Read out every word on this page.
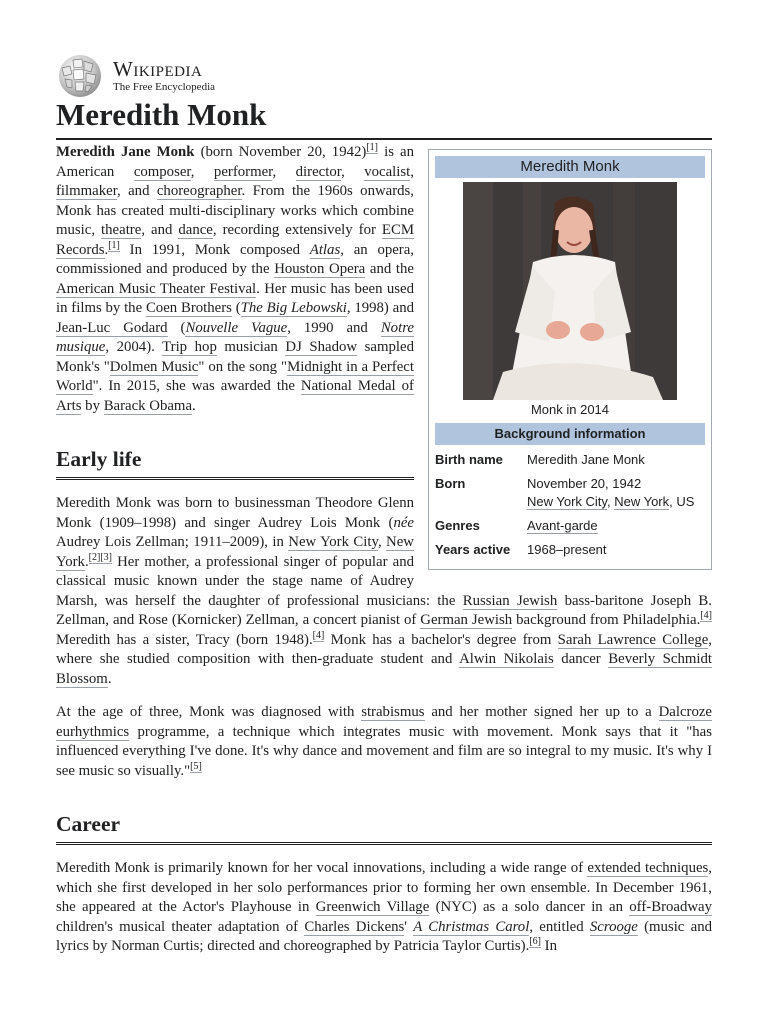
Wikipedia
The Free Encyclopedia
Meredith Monk
Meredith Monk
Monk in 2014
Background information
Birth name	Meredith Jane Monk
Born	November 20, 1942
New York City, New York, US
Genres	Avant-garde
Years active	1968–present

Meredith Jane Monk (born November 20, 1942)[1] is an American composer, performer, director, vocalist, filmmaker, and choreographer. From the 1960s onwards, Monk has created multi-disciplinary works which combine music, theatre, and dance, recording extensively for ECM Records.[1] In 1991, Monk composed Atlas, an opera, commissioned and produced by the Houston Opera and the American Music Theater Festival. Her music has been used in films by the Coen Brothers (The Big Lebowski, 1998) and Jean-Luc Godard (Nouvelle Vague, 1990 and Notre musique, 2004). Trip hop musician DJ Shadow sampled Monk's "Dolmen Music" on the song "Midnight in a Perfect World". In 2015, she was awarded the National Medal of Arts by Barack Obama.

Early life

Meredith Monk was born to businessman Theodore Glenn Monk (1909–1998) and singer Audrey Lois Monk (née Audrey Lois Zellman; 1911–2009), in New York City, New York.[2][3] Her mother, a professional singer of popular and classical music known under the stage name of Audrey Marsh, was herself the daughter of professional musicians: the Russian Jewish bass-baritone Joseph B. Zellman, and Rose (Kornicker) Zellman, a concert pianist of German Jewish background from Philadelphia.[4] Meredith has a sister, Tracy (born 1948).[4] Monk has a bachelor's degree from Sarah Lawrence College, where she studied composition with then-graduate student and Alwin Nikolais dancer Beverly Schmidt Blossom.

At the age of three, Monk was diagnosed with strabismus and her mother signed her up to a Dalcroze eurhythmics programme, a technique which integrates music with movement. Monk says that it "has influenced everything I've done. It's why dance and movement and film are so integral to my music. It's why I see music so visually."[5]

Career

Meredith Monk is primarily known for her vocal innovations, including a wide range of extended techniques, which she first developed in her solo performances prior to forming her own ensemble. In December 1961, she appeared at the Actor's Playhouse in Greenwich Village (NYC) as a solo dancer in an off-Broadway children's musical theater adaptation of Charles Dickens' A Christmas Carol, entitled Scrooge (music and lyrics by Norman Curtis; directed and choreographed by Patricia Taylor Curtis).[6] In
